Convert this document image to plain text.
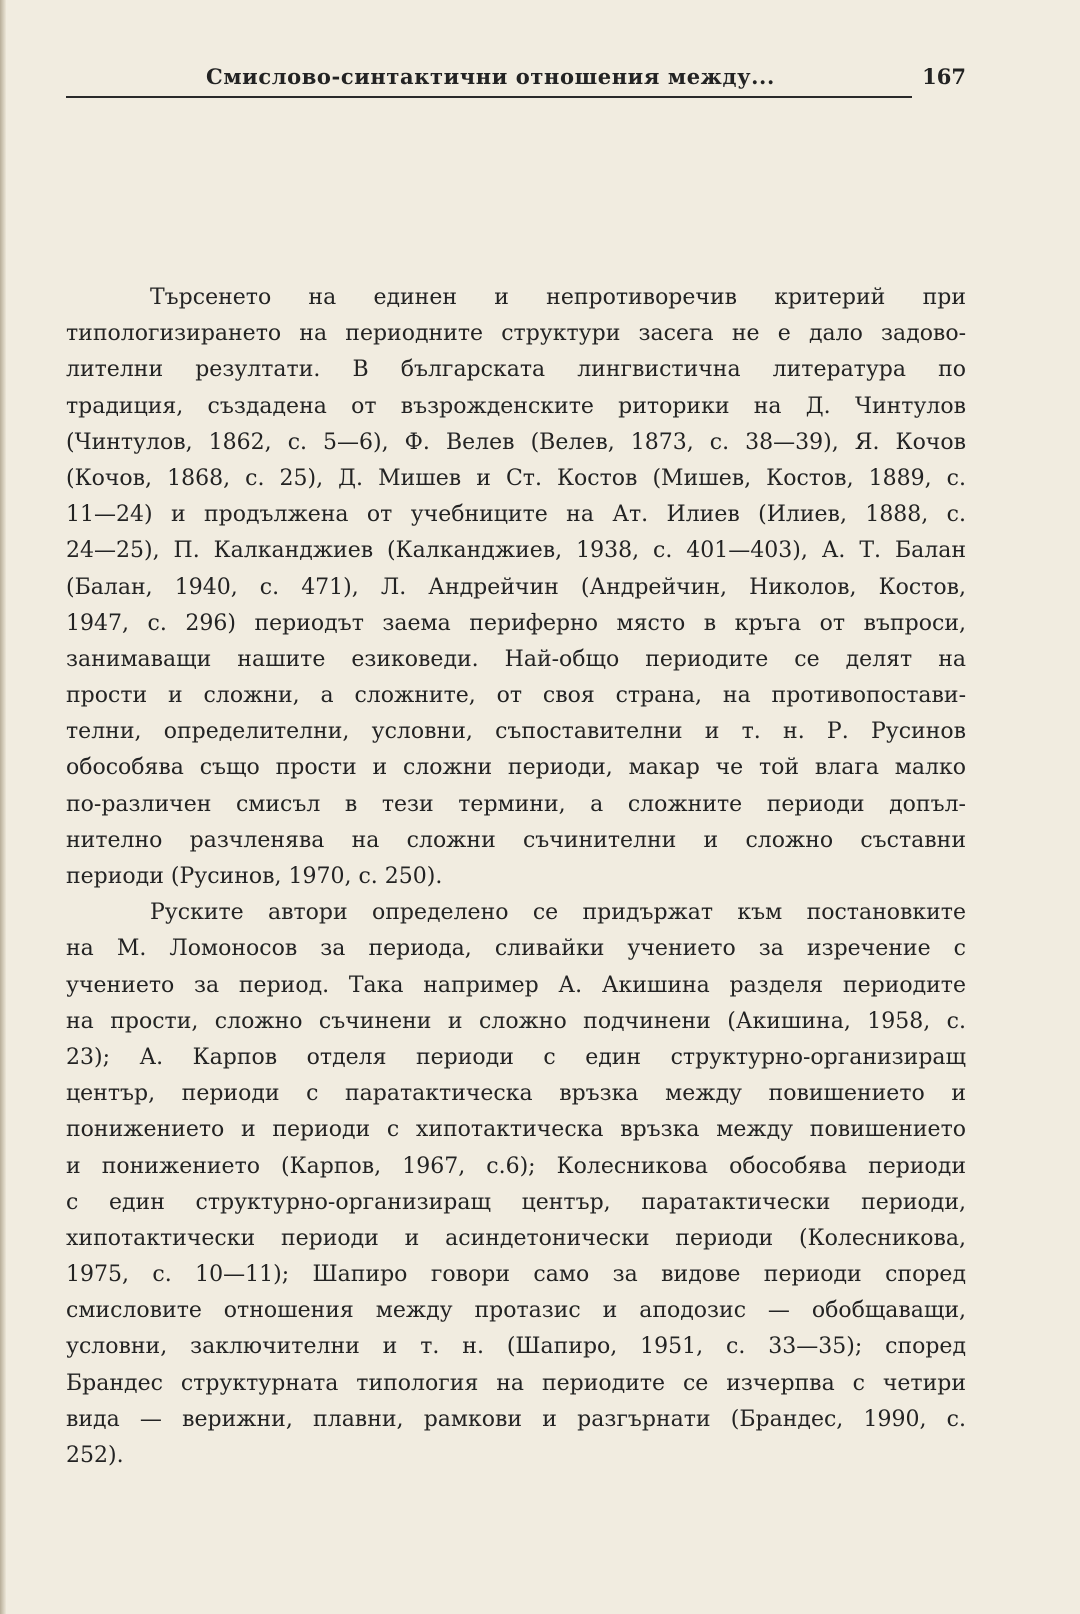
Смислово-синтактични отношения между...	167
Търсенето на единен и непротиворечив критерий при
типологизирането на периодните структури засега не е дало задово-
лителни резултати. В българската лингвистична литература по
традиция, създадена от възрожденските риторики на Д. Чинтулов
(Чинтулов, 1862, с. 5—6), Ф. Велев (Велев, 1873, с. 38—39), Я. Кочов
(Кочов, 1868, с. 25), Д. Мишев и Ст. Костов (Мишев, Костов, 1889, с.
11—24) и продължена от учебниците на Ат. Илиев (Илиев, 1888, с.
24—25), П. Калканджиев (Калканджиев, 1938, с. 401—403), А. Т. Балан
(Балан, 1940, с. 471), Л. Андрейчин (Андрейчин, Николов, Костов,
1947, с. 296) периодът заема периферно място в кръга от въпроси,
занимаващи нашите езиковеди. Най-общо периодите се делят на
прости и сложни, а сложните, от своя страна, на противопостави-
телни, определителни, условни, съпоставителни и т. н. Р. Русинов
обособява също прости и сложни периоди, макар че той влага малко
по-различен смисъл в тези термини, а сложните периоди допъл-
нително разчленява на сложни съчинителни и сложно съставни
периоди (Русинов, 1970, с. 250).
Руските автори определено се придържат към постановките
на М. Ломоносов за периода, сливайки учението за изречение с
учението за период. Така например А. Акишина разделя периодите
на прости, сложно съчинени и сложно подчинени (Акишина, 1958, с.
23); А. Карпов отделя периоди с един структурно-организиращ
център, периоди с паратактическа връзка между повишението и
понижението и периоди с хипотактическа връзка между повишението
и понижението (Карпов, 1967, с.6); Колесникова обособява периоди
с един структурно-организиращ център, паратактически периоди,
хипотактически периоди и асиндетонически периоди (Колесникова,
1975, с. 10—11); Шапиро говори само за видове периоди според
смисловите отношения между протазис и аподозис — обобщаващи,
условни, заключителни и т. н. (Шапиро, 1951, с. 33—35); според
Брандес структурната типология на периодите се изчерпва с четири
вида — верижни, плавни, рамкови и разгърнати (Брандес, 1990, с.
252).
